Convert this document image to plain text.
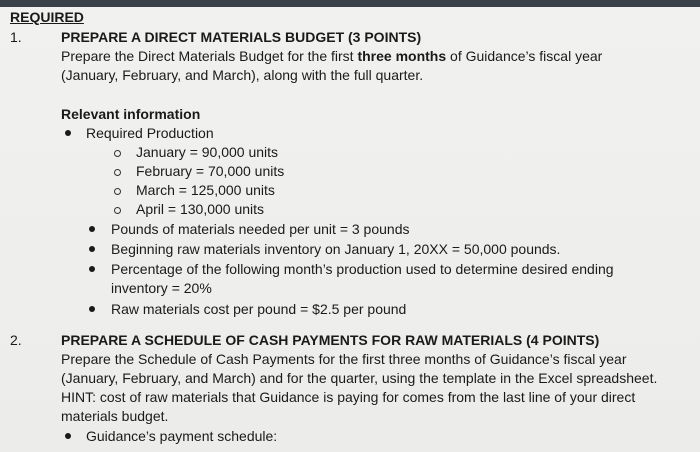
REQUIRED
1.	PREPARE A DIRECT MATERIALS BUDGET (3 POINTS)
Prepare the Direct Materials Budget for the first three months of Guidance’s fiscal year
(January, February, and March), along with the full quarter.
Relevant information
Required Production
January = 90,000 units
February = 70,000 units
March = 125,000 units
April = 130,000 units
Pounds of materials needed per unit = 3 pounds
Beginning raw materials inventory on January 1, 20XX = 50,000 pounds.
Percentage of the following month’s production used to determine desired ending
inventory = 20%
Raw materials cost per pound = $2.5 per pound
2.	PREPARE A SCHEDULE OF CASH PAYMENTS FOR RAW MATERIALS (4 POINTS)
Prepare the Schedule of Cash Payments for the first three months of Guidance’s fiscal year
(January, February, and March) and for the quarter, using the template in the Excel spreadsheet.
HINT: cost of raw materials that Guidance is paying for comes from the last line of your direct
materials budget.
Guidance’s payment schedule:
